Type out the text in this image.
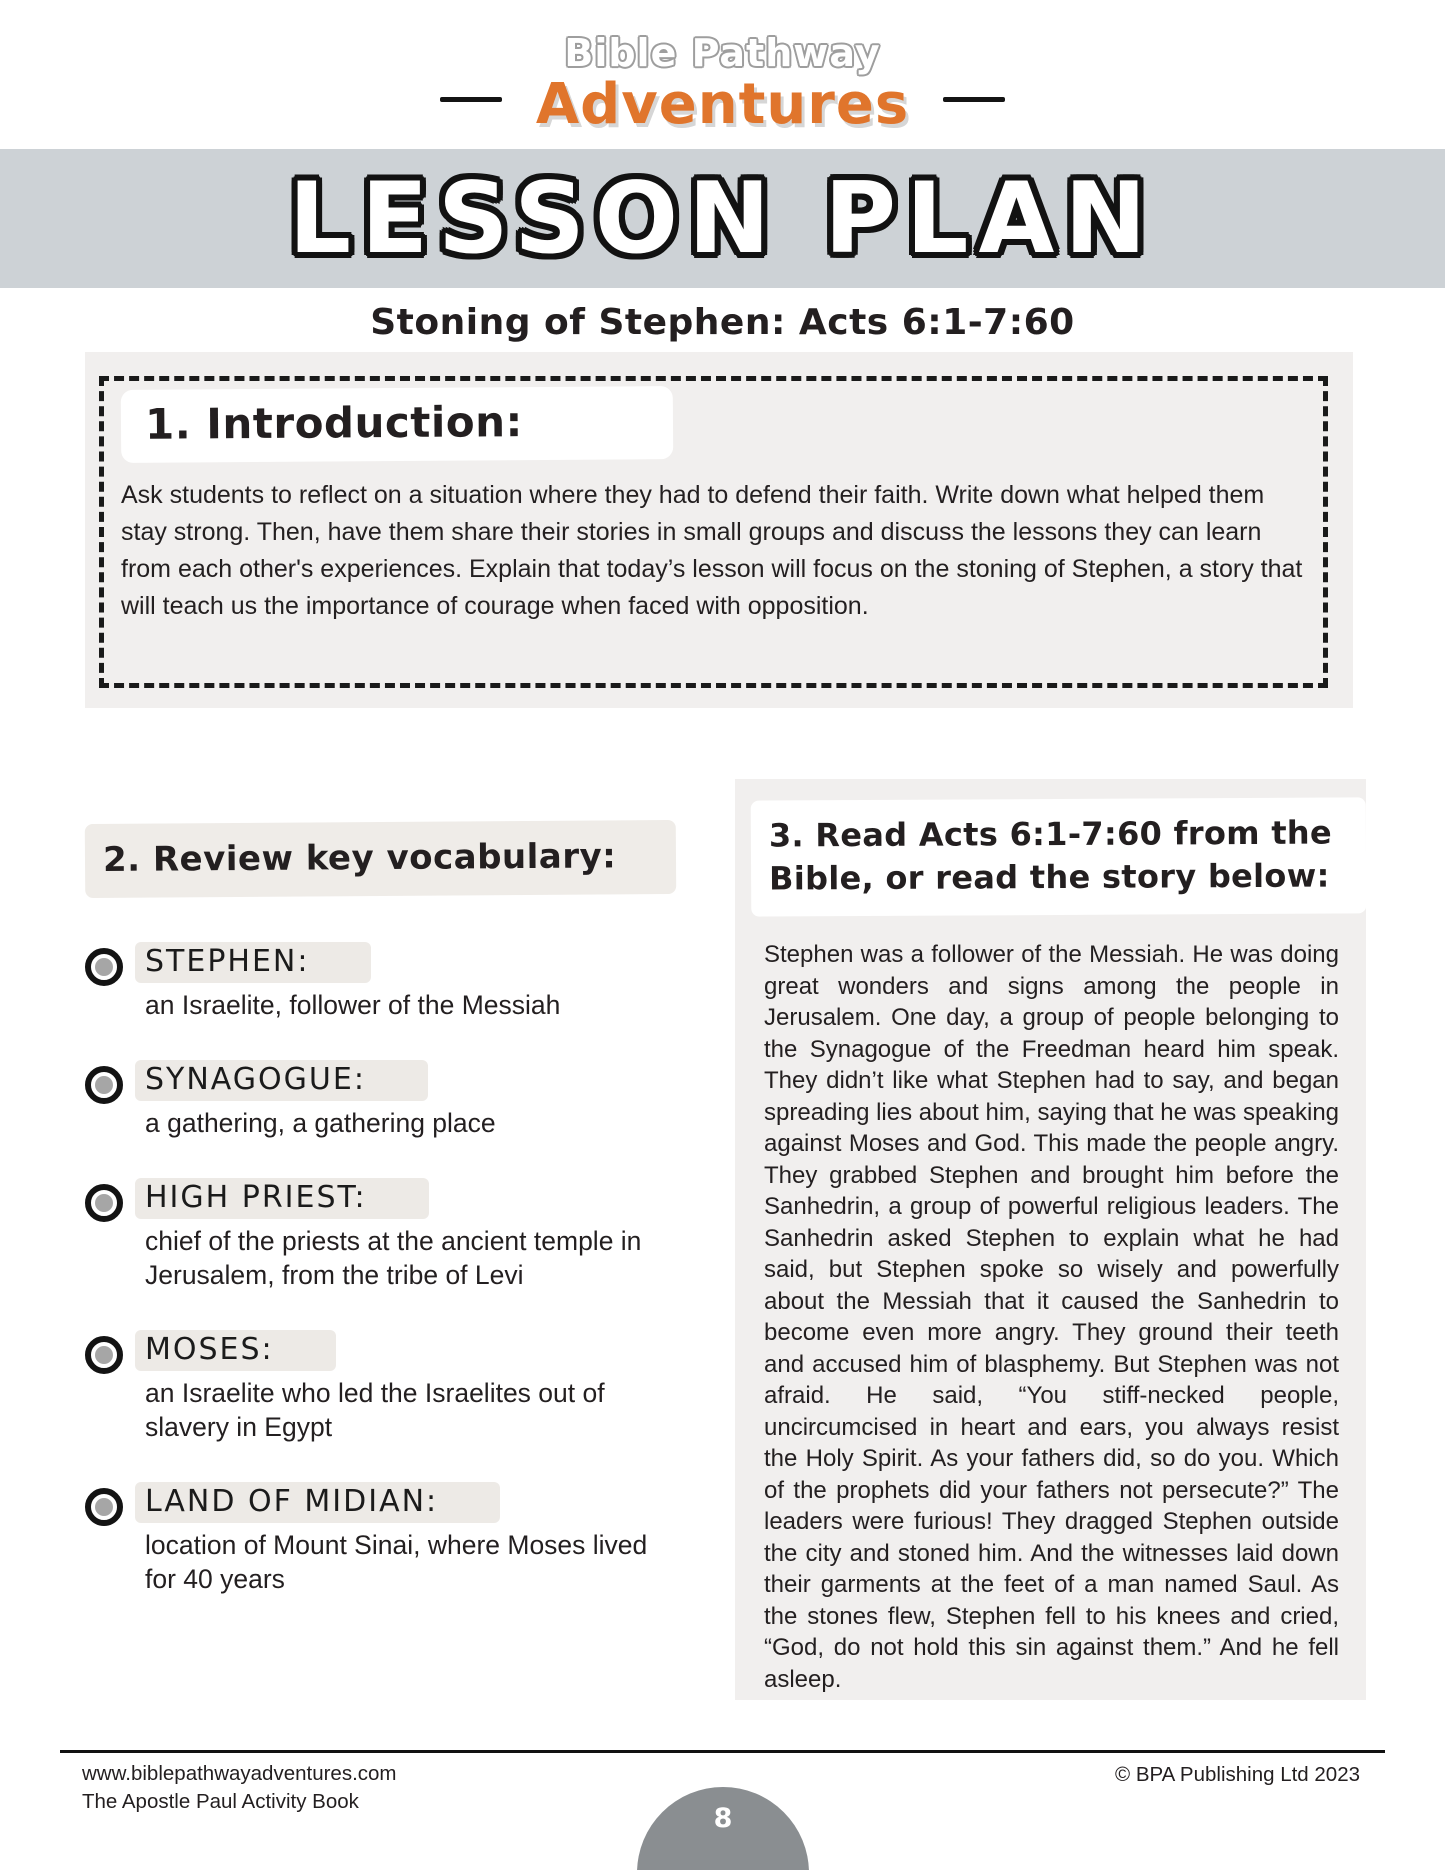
Bible Pathway
Adventures
LESSON PLAN
Stoning of Stephen: Acts 6:1-7:60
1. Introduction:
Ask students to reflect on a situation where they had to defend their faith. Write down what helped them stay strong. Then, have them share their stories in small groups and discuss the lessons they can learn from each other's experiences. Explain that today’s lesson will focus on the stoning of Stephen, a story that will teach us the importance of courage when faced with opposition.
2. Review key vocabulary:
STEPHEN:
an Israelite, follower of the Messiah
SYNAGOGUE:
a gathering, a gathering place
HIGH PRIEST:
chief of the priests at the ancient temple in Jerusalem, from the tribe of Levi
MOSES:
an Israelite who led the Israelites out of slavery in Egypt
LAND OF MIDIAN:
location of Mount Sinai, where Moses lived for 40 years
3. Read Acts 6:1-7:60 from the Bible, or read the story below:
Stephen was a follower of the Messiah. He was doing great wonders and signs among the people in Jerusalem. One day, a group of people belonging to the Synagogue of the Freedman heard him speak. They didn’t like what Stephen had to say, and began spreading lies about him, saying that he was speaking against Moses and God. This made the people angry. They grabbed Stephen and brought him before the Sanhedrin, a group of powerful religious leaders. The Sanhedrin asked Stephen to explain what he had said, but Stephen spoke so wisely and powerfully about the Messiah that it caused the Sanhedrin to become even more angry. They ground their teeth and accused him of blasphemy. But Stephen was not afraid. He said, “You stiff-necked people, uncircumcised in heart and ears, you always resist the Holy Spirit. As your fathers did, so do you. Which of the prophets did your fathers not persecute?” The leaders were furious! They dragged Stephen outside the city and stoned him. And the witnesses laid down their garments at the feet of a man named Saul. As the stones flew, Stephen fell to his knees and cried, “God, do not hold this sin against them.” And he fell asleep.
www.biblepathwayadventures.com
The Apostle Paul Activity Book
© BPA Publishing Ltd 2023
8
